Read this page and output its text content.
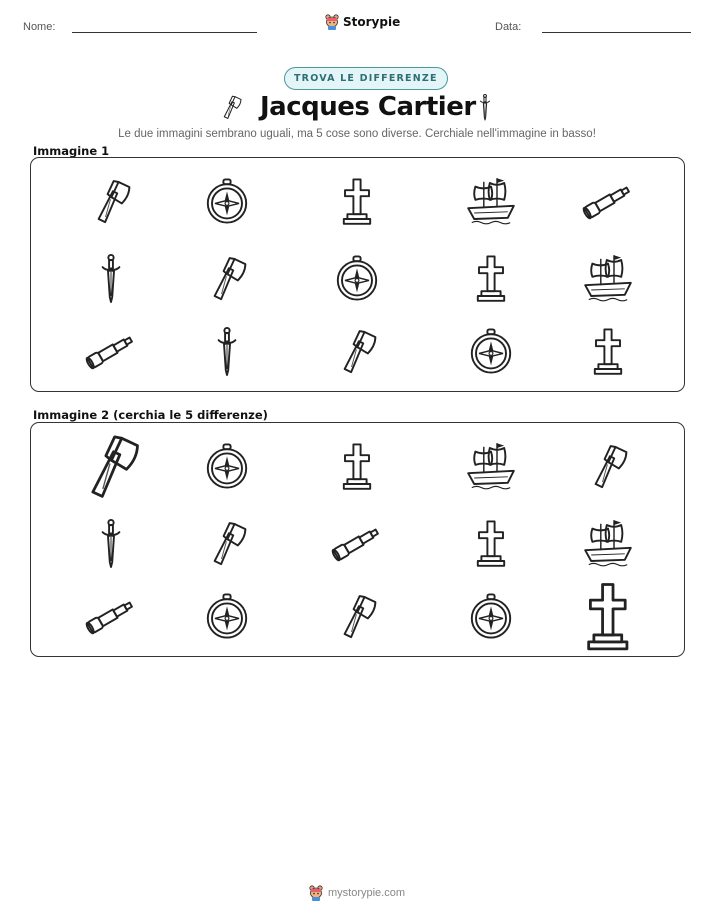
Nome:	Storypie	Data:
TROVA LE DIFFERENZE
Jacques Cartier
Le due immagini sembrano uguali, ma 5 cose sono diverse. Cerchiale nell'immagine in basso!
Immagine 1
Immagine 2 (cerchia le 5 differenze)
mystorypie.com
